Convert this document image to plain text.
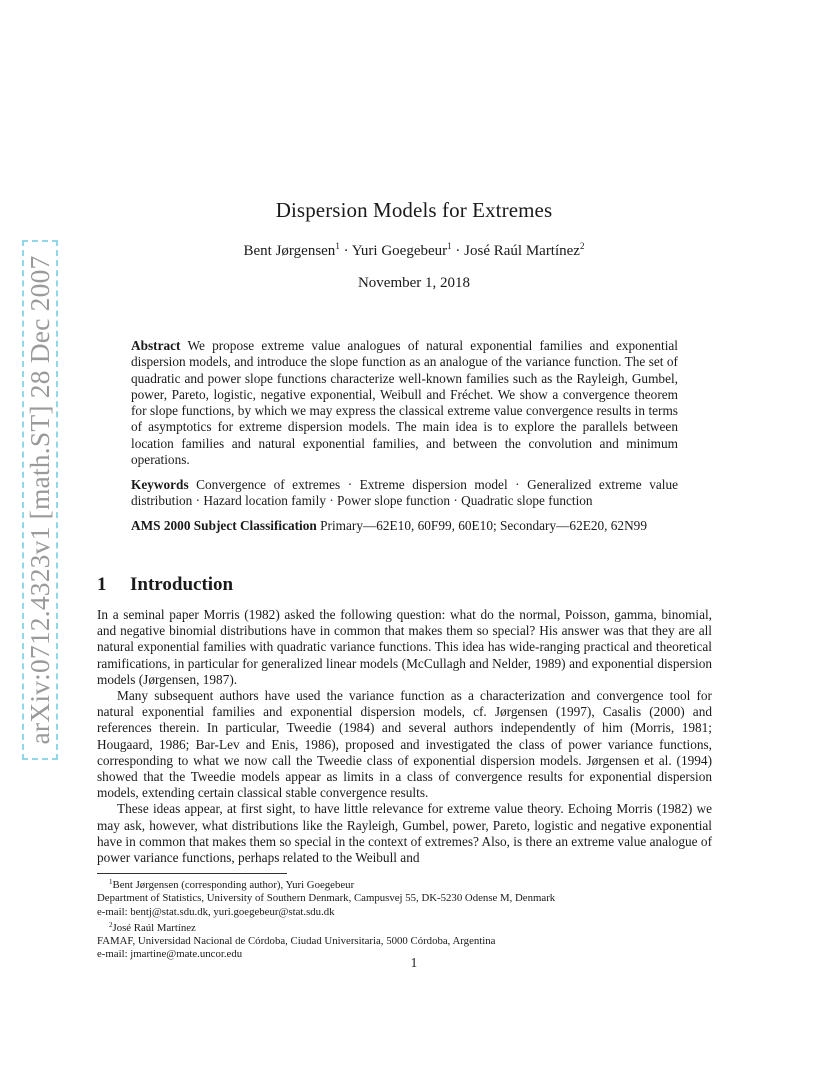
arXiv:0712.4323v1 [math.ST] 28 Dec 2007
Dispersion Models for Extremes
Bent Jørgensen$^1$ · Yuri Goegebeur$^1$ · José Raúl Martínez$^2$
November 1, 2018
Abstract We propose extreme value analogues of natural exponential families and exponential dispersion models, and introduce the slope function as an analogue of the variance function. The set of quadratic and power slope functions characterize well-known families such as the Rayleigh, Gumbel, power, Pareto, logistic, negative exponential, Weibull and Fréchet. We show a convergence theorem for slope functions, by which we may express the classical extreme value convergence results in terms of asymptotics for extreme dispersion models. The main idea is to explore the parallels between location families and natural exponential families, and between the convolution and minimum operations.
Keywords Convergence of extremes · Extreme dispersion model · Generalized extreme value distribution · Hazard location family · Power slope function · Quadratic slope function
AMS 2000 Subject Classification Primary—62E10, 60F99, 60E10; Secondary—62E20, 62N99
1 Introduction

In a seminal paper Morris (1982) asked the following question: what do the normal, Poisson, gamma, binomial, and negative binomial distributions have in common that makes them so special? His answer was that they are all natural exponential families with quadratic variance functions. This idea has wide-ranging practical and theoretical ramifications, in particular for generalized linear models (McCullagh and Nelder, 1989) and exponential dispersion models (Jørgensen, 1987).

Many subsequent authors have used the variance function as a characterization and convergence tool for natural exponential families and exponential dispersion models, cf. Jørgensen (1997), Casalis (2000) and references therein. In particular, Tweedie (1984) and several authors independently of him (Morris, 1981; Hougaard, 1986; Bar-Lev and Enis, 1986), proposed and investigated the class of power variance functions, corresponding to what we now call the Tweedie class of exponential dispersion models. Jørgensen et al. (1994) showed that the Tweedie models appear as limits in a class of convergence results for exponential dispersion models, extending certain classical stable convergence results.

These ideas appear, at first sight, to have little relevance for extreme value theory. Echoing Morris (1982) we may ask, however, what distributions like the Rayleigh, Gumbel, power, Pareto, logistic and negative exponential have in common that makes them so special in the context of extremes? Also, is there an extreme value analogue of power variance functions, perhaps related to the Weibull and

$^1$Bent Jørgensen (corresponding author), Yuri Goegebeur
Department of Statistics, University of Southern Denmark, Campusvej 55, DK-5230 Odense M, Denmark
e-mail: bentj@stat.sdu.dk, yuri.goegebeur@stat.sdu.dk
$^2$José Raúl Martínez
FAMAF, Universidad Nacional de Córdoba, Ciudad Universitaria, 5000 Córdoba, Argentina
e-mail: jmartine@mate.uncor.edu
1
